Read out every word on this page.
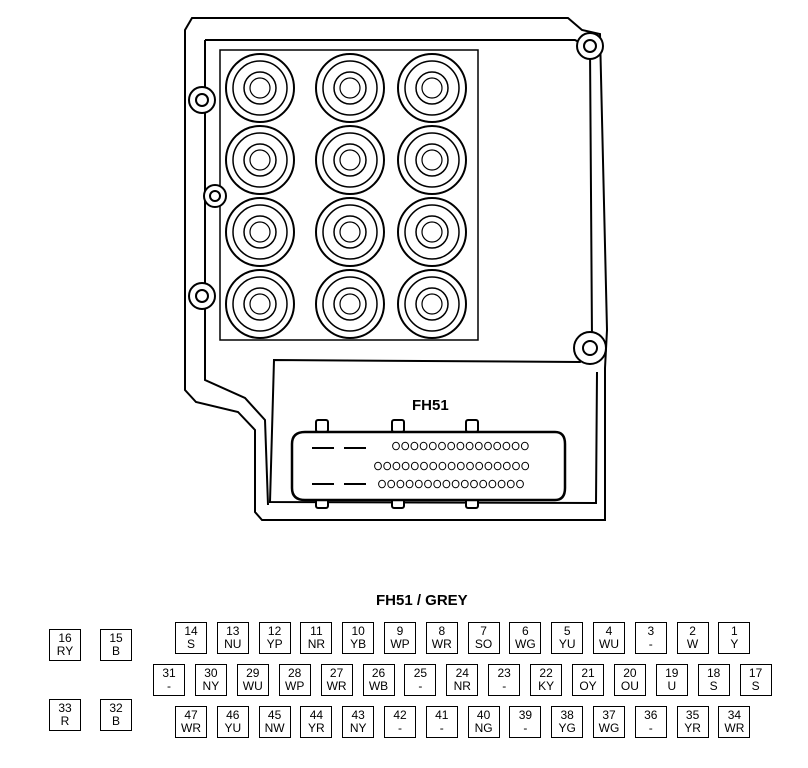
FH51
FH51 / GREY
16
RY
15
B
33
R
32
B
14
S
13
NU
12
YP
11
NR
10
YB
9
WP
8
WR
7
SO
6
WG
5
YU
4
WU
3
-
2
W
1
Y
31
-
30
NY
29
WU
28
WP
27
WR
26
WB
25
-
24
NR
23
-
22
KY
21
OY
20
OU
19
U
18
S
17
S
47
WR
46
YU
45
NW
44
YR
43
NY
42
-
41
-
40
NG
39
-
38
YG
37
WG
36
-
35
YR
34
WR
